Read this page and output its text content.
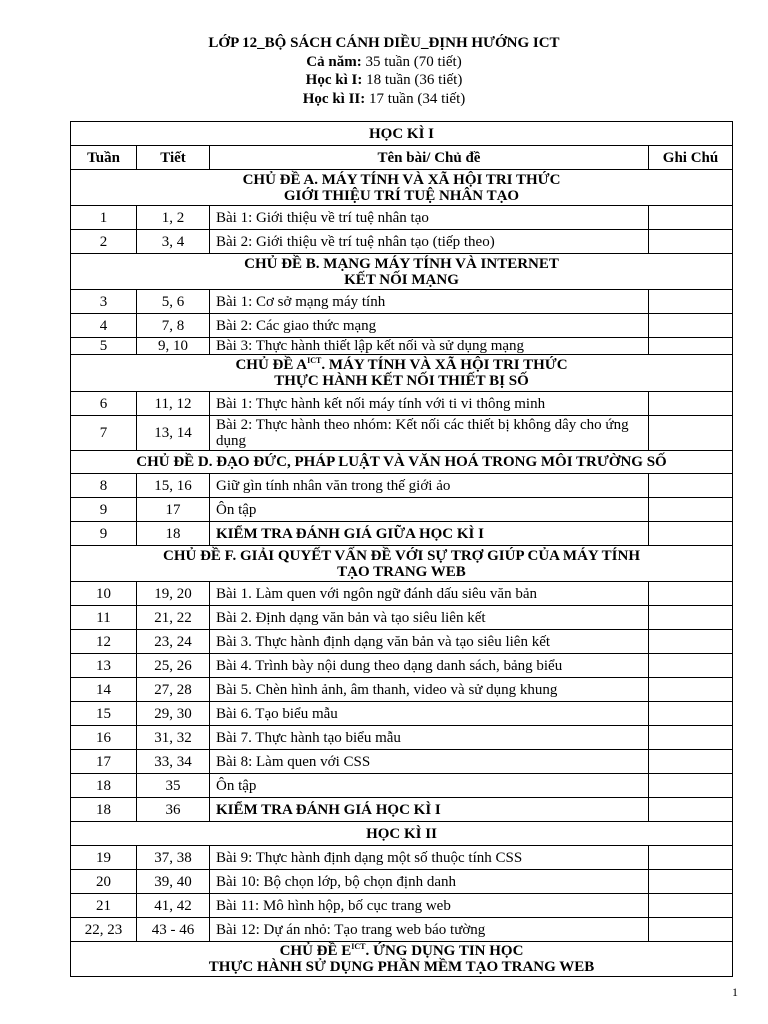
LỚP 12_BỘ SÁCH CÁNH DIỀU_ĐỊNH HƯỚNG ICT
Cả năm: 35 tuần (70 tiết)
Học kì I: 18 tuần (36 tiết)
Học kì II: 17 tuần (34 tiết)
HỌC KÌ I			
Tuần	Tiết	Tên bài/ Chủ đề	Ghi Chú

CHỦ ĐỀ A. MÁY TÍNH VÀ XÃ HỘI TRI THỨC
GIỚI THIỆU TRÍ TUỆ NHÂN TẠO			

1	1, 2	Bài 1: Giới thiệu về trí tuệ nhân tạo	
2	3, 4	Bài 2: Giới thiệu về trí tuệ nhân tạo (tiếp theo)	

CHỦ ĐỀ B. MẠNG MÁY TÍNH VÀ INTERNET
KẾT NỐI MẠNG			

3	5, 6	Bài 1: Cơ sở mạng máy tính	
4	7, 8	Bài 2: Các giao thức mạng	
5	9, 10	Bài 3: Thực hành thiết lập kết nối và sử dụng mạng	

CHỦ ĐỀ $A^{ICT}$. MÁY TÍNH VÀ XÃ HỘI TRI THỨC
THỰC HÀNH KẾT NỐI THIẾT BỊ SỐ			

6	11, 12	Bài 1: Thực hành kết nối máy tính với ti vi thông minh	
7	13, 14	Bài 2: Thực hành theo nhóm: Kết nối các thiết bị không dây cho ứng dụng	

CHỦ ĐỀ D. ĐẠO ĐỨC, PHÁP LUẬT VÀ VĂN HOÁ TRONG MÔI TRƯỜNG SỐ			

8	15, 16	Giữ gìn tính nhân văn trong thế giới ảo	
9	17	Ôn tập	
9	18	KIỂM TRA ĐÁNH GIÁ GIỮA HỌC KÌ I	

CHỦ ĐỀ F. GIẢI QUYẾT VẤN ĐỀ VỚI SỰ TRỢ GIÚP CỦA MÁY TÍNH
TẠO TRANG WEB			

10	19, 20	Bài 1. Làm quen với ngôn ngữ đánh dấu siêu văn bản	
11	21, 22	Bài 2. Định dạng văn bản và tạo siêu liên kết	
12	23, 24	Bài 3. Thực hành định dạng văn bản và tạo siêu liên kết	
13	25, 26	Bài 4. Trình bày nội dung theo dạng danh sách, bảng biểu	
14	27, 28	Bài 5. Chèn hình ảnh, âm thanh, video và sử dụng khung	
15	29, 30	Bài 6. Tạo biểu mẫu	
16	31, 32	Bài 7. Thực hành tạo biểu mẫu	
17	33, 34	Bài 8: Làm quen với CSS	
18	35	Ôn tập	
18	36	KIỂM TRA ĐÁNH GIÁ HỌC KÌ I	
HỌC KÌ II			
19	37, 38	Bài 9: Thực hành định dạng một số thuộc tính CSS	
20	39, 40	Bài 10: Bộ chọn lớp, bộ chọn định danh	
21	41, 42	Bài 11: Mô hình hộp, bố cục trang web	
22, 23	43 - 46	Bài 12: Dự án nhỏ: Tạo trang web báo tường	

CHỦ ĐỀ $E^{ICT}$. ỨNG DỤNG TIN HỌC
THỰC HÀNH SỬ DỤNG PHẦN MỀM TẠO TRANG WEB			
1
